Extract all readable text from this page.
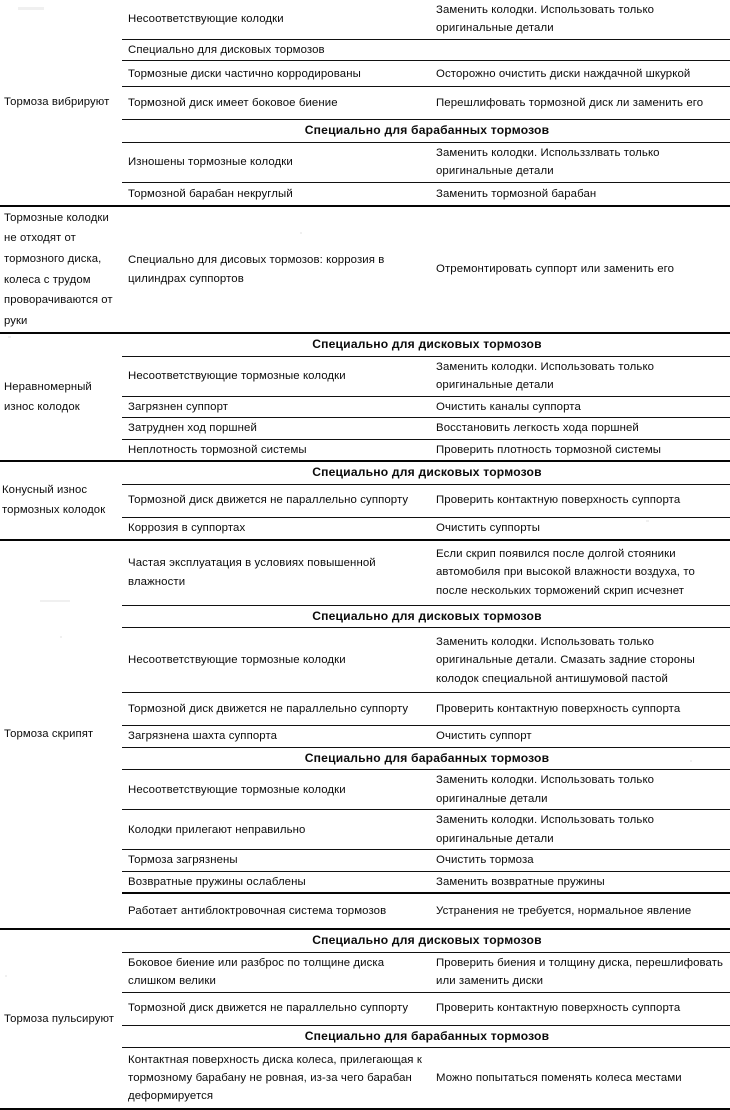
Тормоза вибрируют	Несоответствующие колодки	Заменить колодки. Использовать только оригинальные детали
	Специально для дисковых тормозов	
	Тормозные диски частично корродированы	Осторожно очистить диски наждачной шкуркой
	Тормозной диск имеет боковое биение	Перешлифовать тормозной диск ли заменить его
	Специально для барабанных тормозов	
	Изношены тормозные колодки	Заменить колодки. Использзлвать только оригинальные детали
	Тормозной барабан некруглый	Заменить тормозной барабан
Тормозные колодки не отходят от тормозного диска, колеса с трудом проворачиваются от руки	Специально для дисовых тормозов: коррозия в цилиндрах суппортов	Отремонтировать суппорт или заменить его
Неравномерный износ колодок	Специально для дисковых тормозов	
	Несоответствующие тормозные колодки	Заменить колодки. Использовать только оригинальные детали
	Загрязнен суппорт	Очистить каналы суппорта
	Затруднен ход поршней	Восстановить легкость хода поршней
	Неплотность тормозной системы	Проверить плотность тормозной системы
Конусный износ тормозных колодок	Специально для дисковых тормозов	
	Тормозной диск движется не параллельно суппорту	Проверить контактную поверхность суппорта
	Коррозия в суппортах	Очистить суппорты
Тормоза скрипят	Частая эксплуатация в условиях повышенной влажности	Если скрип появился после долгой стояники автомобиля при высокой влажности воздуха, то после нескольких торможений скрип исчезнет
	Специально для дисковых тормозов	
	Несоответствующие тормозные колодки	Заменить колодки. Использовать только оригинальные детали. Смазать задние стороны колодок специальной антишумовой пастой
	Тормозной диск движется не параллельно суппорту	Проверить контактную поверхность суппорта
	Загрязнена шахта суппорта	Очистить суппорт
	Специально для барабанных тормозов	
	Несоответствующие тормозные колодки	Заменить колодки. Использовать только оригиналные детали
	Колодки прилегают неправильно	Заменить колодки. Использовать только оригинальные детали
	Тормоза загрязнены	Очистить тормоза
	Возвратные пружины ослаблены	Заменить возвратные пружины
	Работает антиблоктровочная система тормозов	Устранения не требуется, нормальное явление
Тормоза пульсируют	Специально для дисковых тормозов	
	Боковое биение или разброс по толщине диска слишком велики	Проверить биения и толщину диска, перешлифовать или заменить диски
	Тормозной диск движется не параллельно суппорту	Проверить контактную поверхность суппорта
	Специально для барабанных тормозов	
	Контактная поверхность диска колеса, прилегающая к тормозному барабану не ровная, из-за чего барабан деформируется	Можно попытаться поменять колеса местами
